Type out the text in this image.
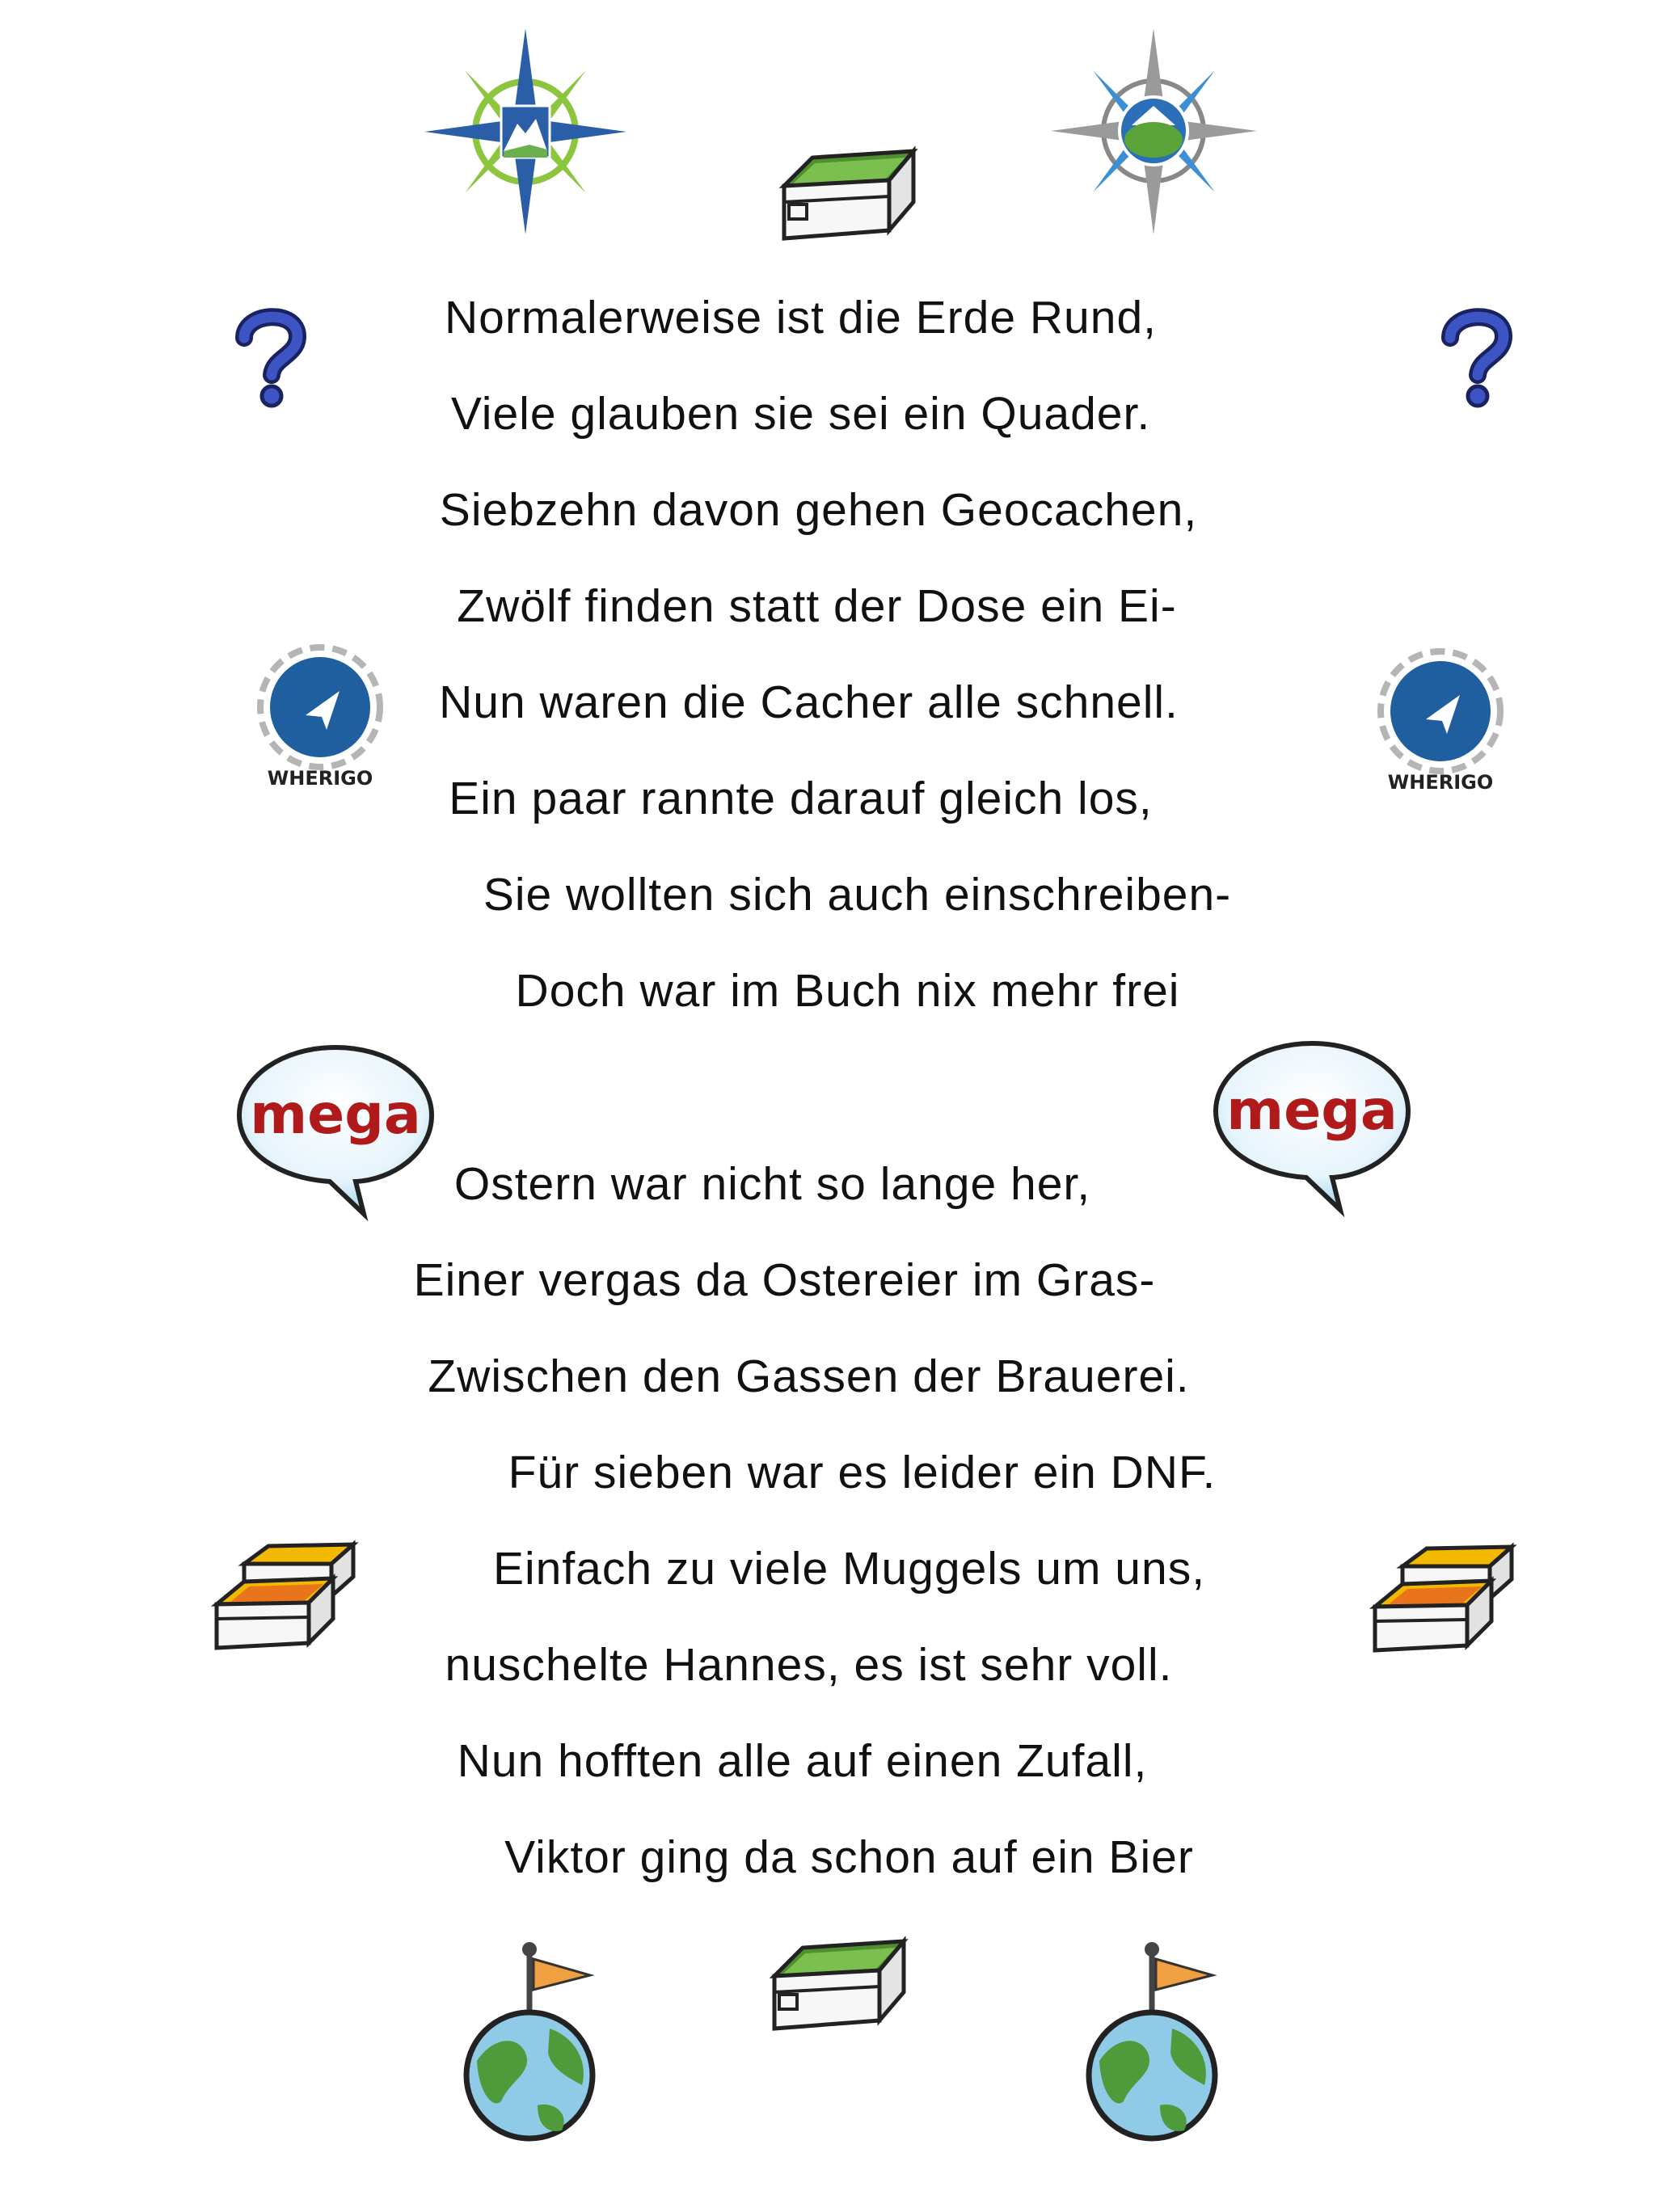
WHERIGO	WHERIGO
mega	mega
Normalerweise ist die Erde Rund,
Viele glauben sie sei ein Quader.
Siebzehn davon gehen Geocachen,
Zwölf finden statt der Dose ein Ei-
Nun waren die Cacher alle schnell.
Ein paar rannte darauf gleich los,
Sie wollten sich auch einschreiben-
Doch war im Buch nix mehr frei
Ostern war nicht so lange her,
Einer vergas da Ostereier im Gras-
Zwischen den Gassen der Brauerei.
Für sieben war es leider ein DNF.
Einfach zu viele Muggels um uns,
nuschelte Hannes, es ist sehr voll.
Nun hofften alle auf einen Zufall,
Viktor ging da schon auf ein Bier
